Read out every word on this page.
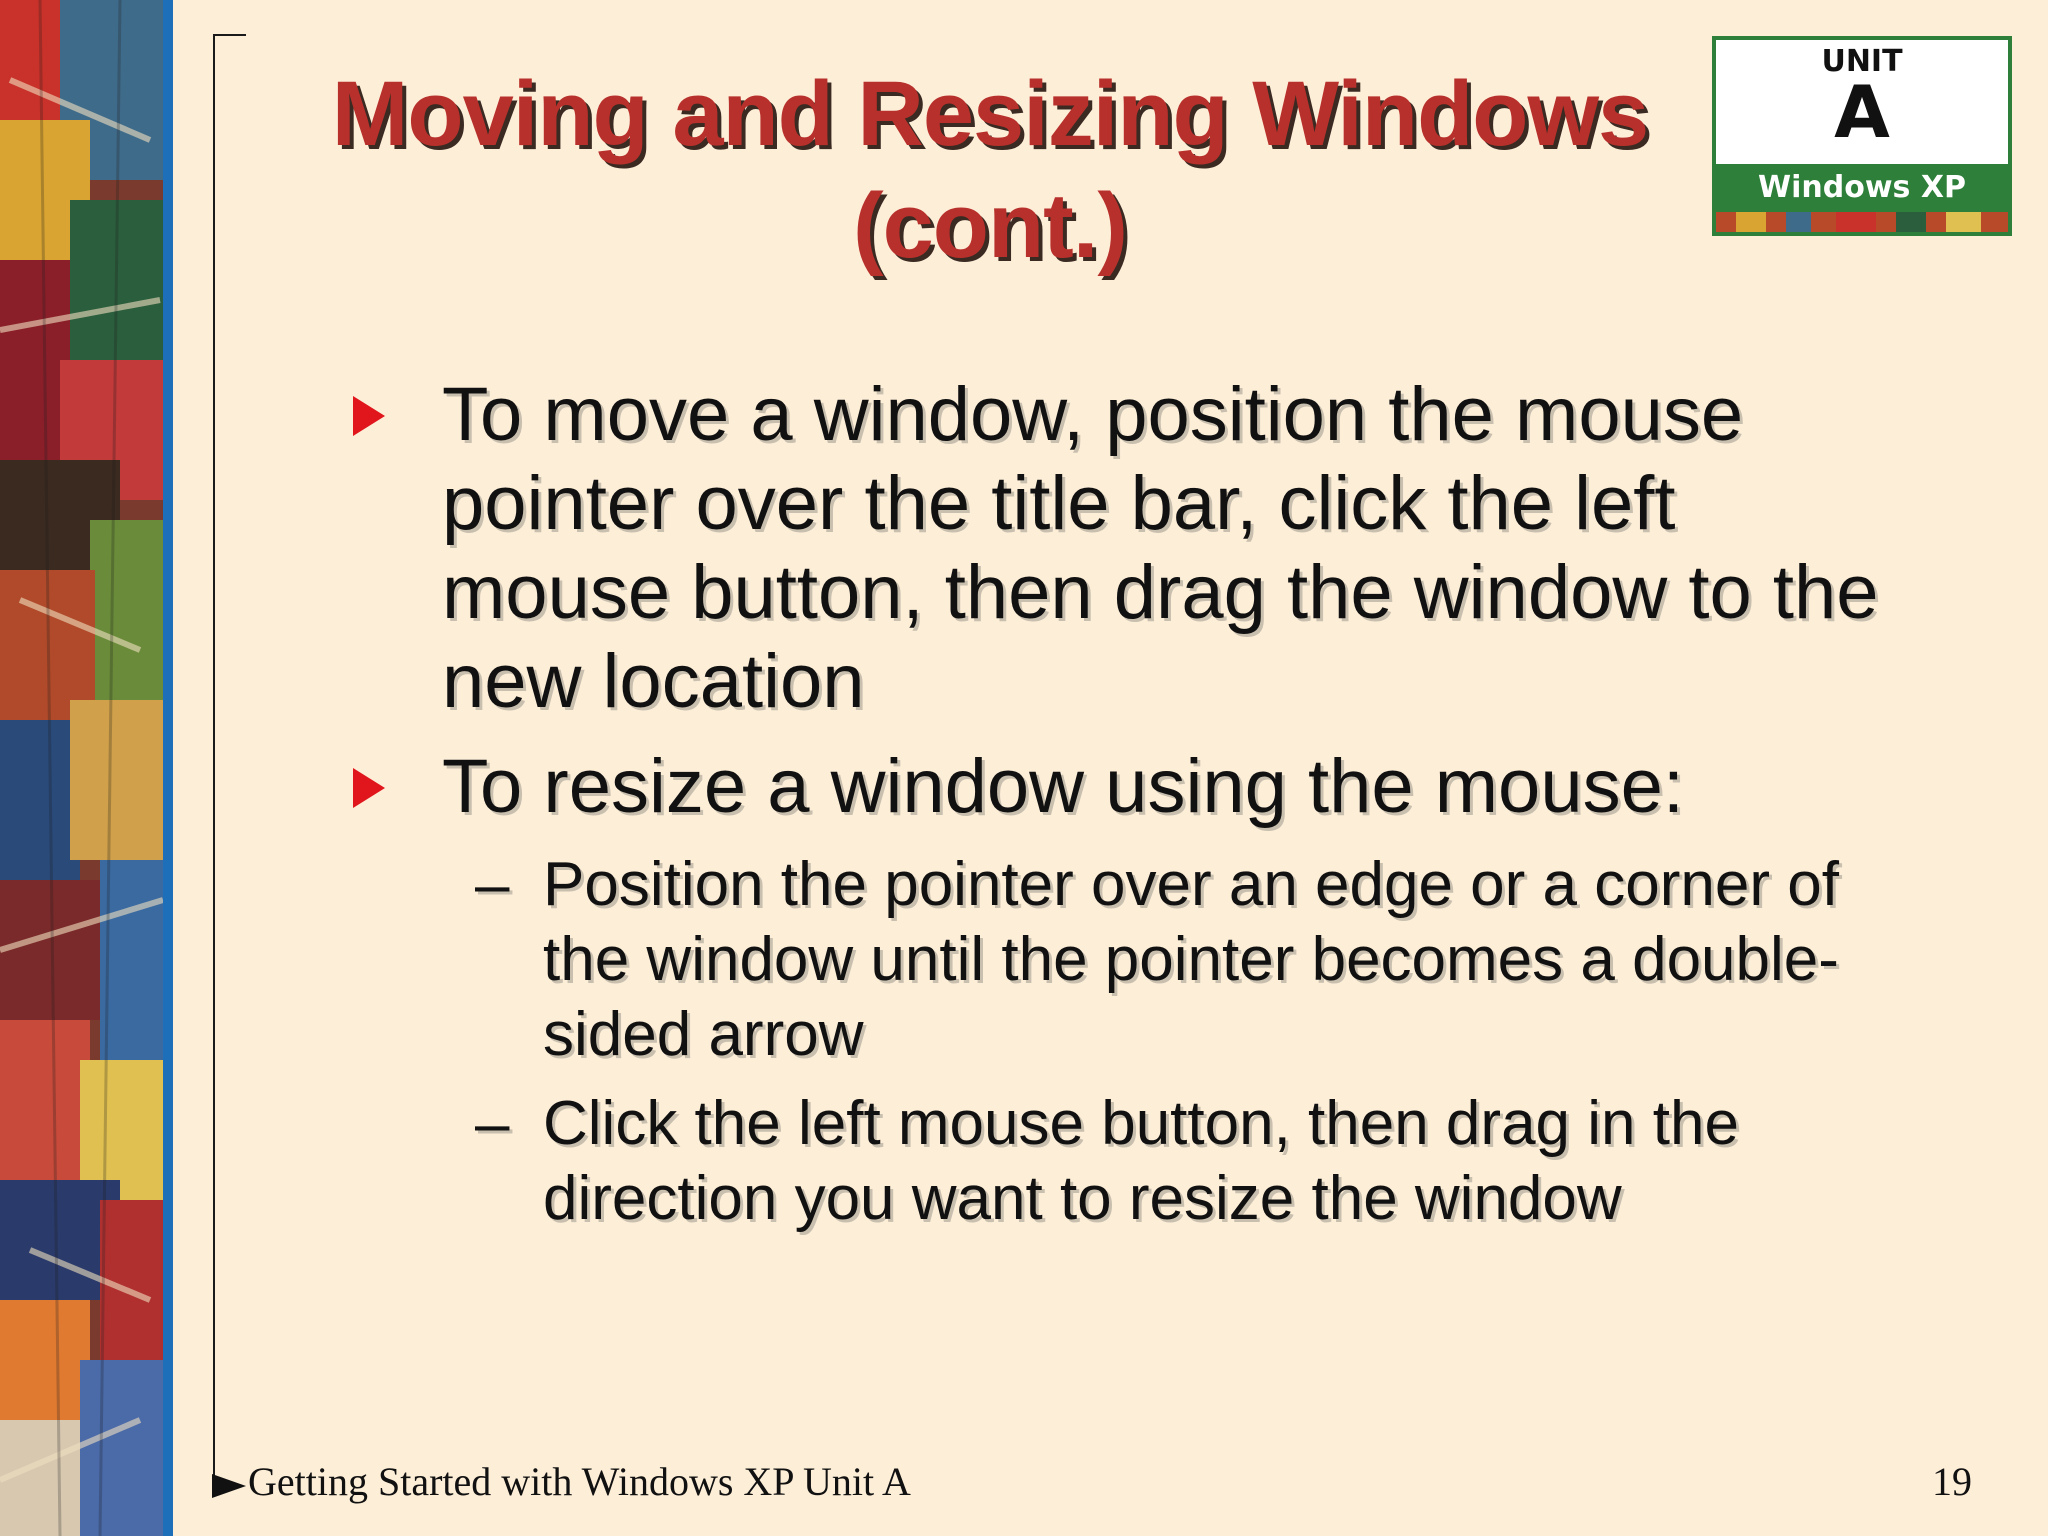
Moving and Resizing Windows
(cont.)
UNIT
A
Windows XP
To move a window, position the mouse pointer over the title bar, click the left mouse button, then drag the window to the new location
To resize a window using the mouse:
– Position the pointer over an edge or a corner of the window until the pointer becomes a double-sided arrow
– Click the left mouse button, then drag in the direction you want to resize the window
Getting Started with Windows XP Unit A	19
